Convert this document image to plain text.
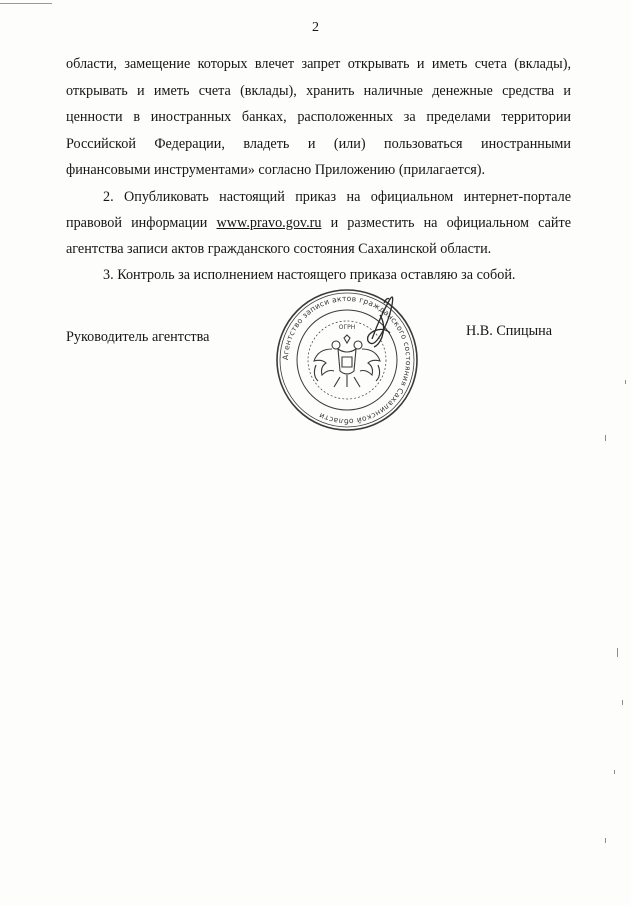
2
области, замещение которых влечет запрет открывать и иметь счета (вклады),
открывать и иметь счета (вклады), хранить наличные денежные средства и
ценности в иностранных банках, расположенных за пределами территории
Российской Федерации, владеть и (или) пользоваться иностранными
финансовыми инструментами» согласно Приложению (прилагается).
2. Опубликовать настоящий приказ на официальном интернет-портале
правовой информации www.pravo.gov.ru и разместить на официальном сайте
агентства записи актов гражданского состояния Сахалинской области.
3. Контроль за исполнением настоящего приказа оставляю за собой.
Руководитель агентства	Н.В. Спицына
Агентство записи актов гражданского состояния Сахалинской области
ОГРН
